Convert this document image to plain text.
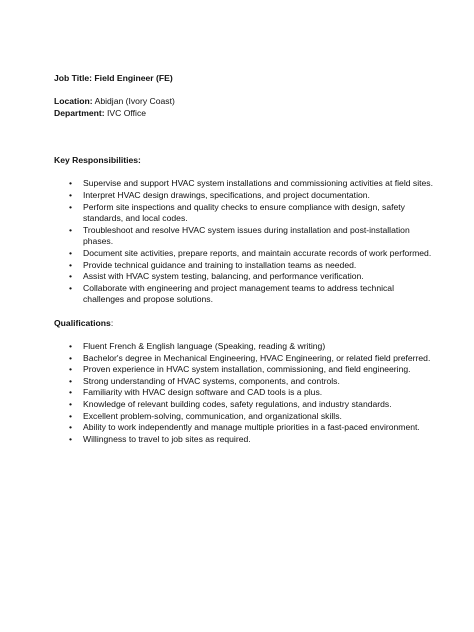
Job Title: Field Engineer (FE)

Location: Abidjan (Ivory Coast)

Department: IVC Office

Key Responsibilities:

• Supervise and support HVAC system installations and commissioning activities at field sites.
• Interpret HVAC design drawings, specifications, and project documentation.
• Perform site inspections and quality checks to ensure compliance with design, safety standards, and local codes.
• Troubleshoot and resolve HVAC system issues during installation and post-installation phases.
• Document site activities, prepare reports, and maintain accurate records of work performed.
• Provide technical guidance and training to installation teams as needed.
• Assist with HVAC system testing, balancing, and performance verification.
• Collaborate with engineering and project management teams to address technical challenges and propose solutions.

Qualifications:

• Fluent French & English language (Speaking, reading & writing)
• Bachelor's degree in Mechanical Engineering, HVAC Engineering, or related field preferred.
• Proven experience in HVAC system installation, commissioning, and field engineering.
• Strong understanding of HVAC systems, components, and controls.
• Familiarity with HVAC design software and CAD tools is a plus.
• Knowledge of relevant building codes, safety regulations, and industry standards.
• Excellent problem-solving, communication, and organizational skills.
• Ability to work independently and manage multiple priorities in a fast-paced environment.
• Willingness to travel to job sites as required.
